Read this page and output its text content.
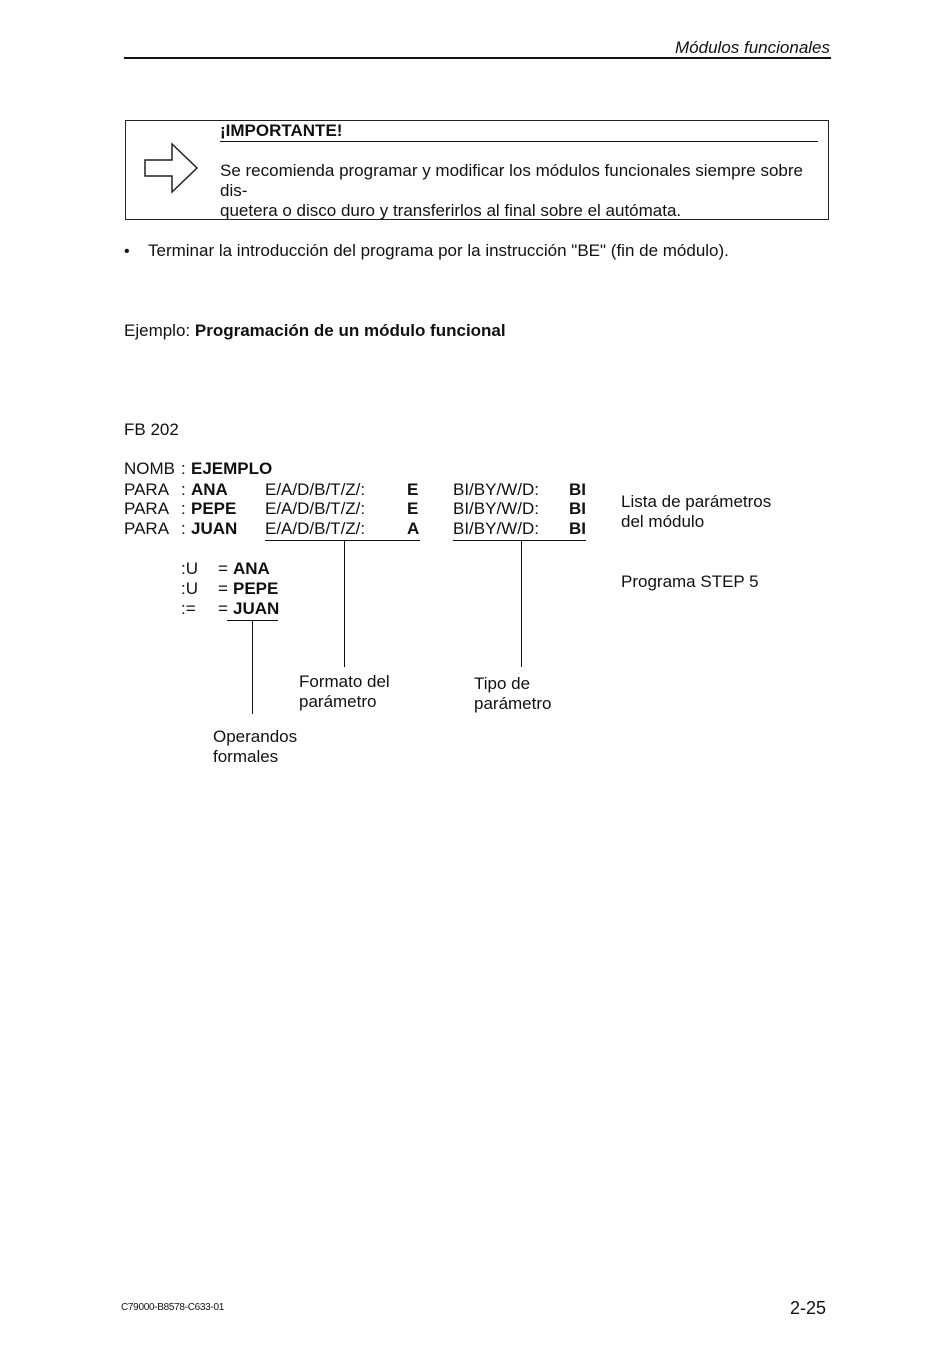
Módulos funcionales
¡IMPORTANTE!
Se recomienda programar y modificar los módulos funcionales siempre sobre dis-
quetera o disco duro y transferirlos al final sobre el autómata.
• Terminar la introducción del programa por la instrucción "BE" (fin de módulo).
Ejemplo: Programación de un módulo funcional
FB 202
NOMB : EJEMPLO
PARA : ANA E/A/D/B/T/Z/: E BI/BY/W/D: BI
PARA : PEPE E/A/D/B/T/Z/: E BI/BY/W/D: BI
PARA : JUAN E/A/D/B/T/Z/: A BI/BY/W/D: BI
:U = ANA
:U = PEPE
:= = JUAN
Lista de parámetros
del módulo
Programa STEP 5
Formato del
parámetro
Tipo de
parámetro
Operandos
formales
C79000-B8578-C633-01	2-25
